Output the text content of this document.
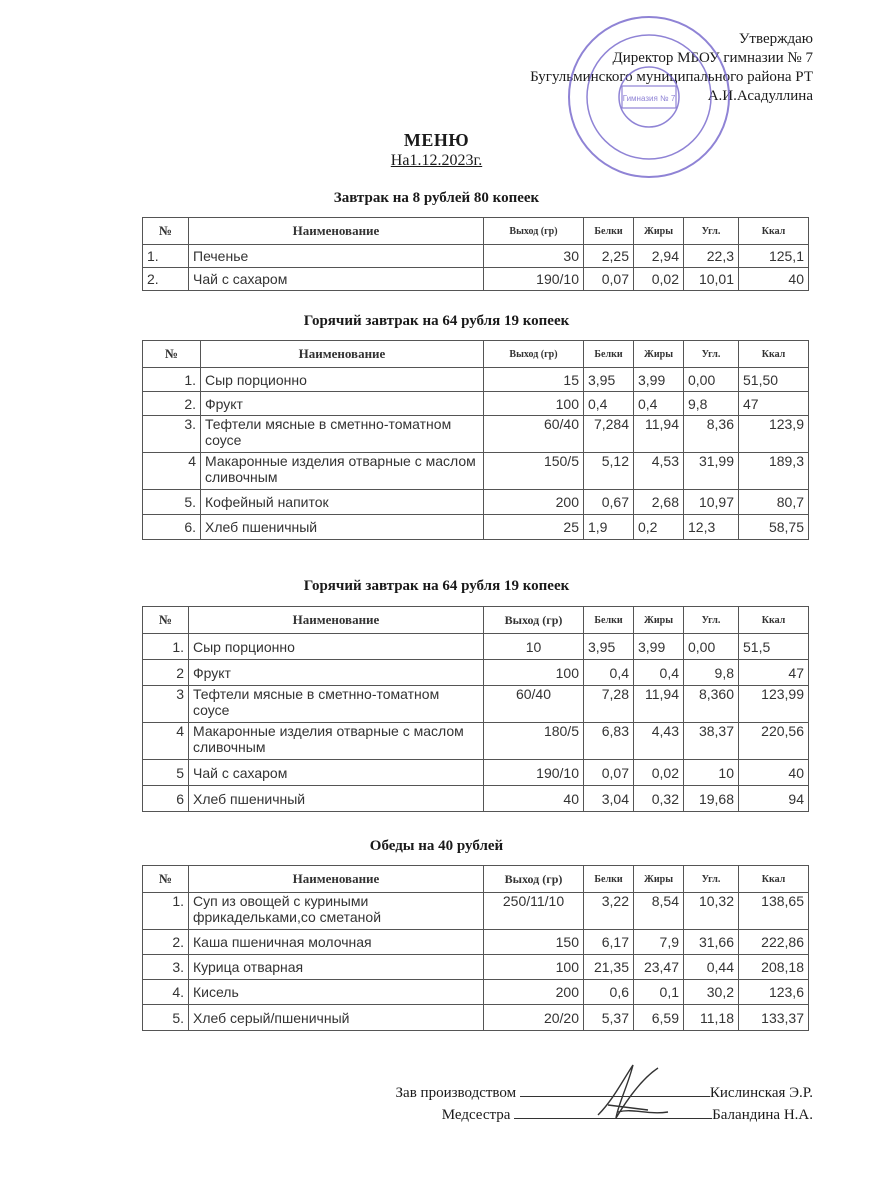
Утверждаю
Директор МБОУ гимназии № 7
Бугульминского муниципального района РТ
А.И.Асадуллина
Гимназия № 7
МЕНЮ
На1.12.2023г.
Завтрак на 8 рублей 80 копеек
№	Наименование	Выход (гр)	Белки	Жиры	Угл.	Ккал
1.	Печенье	30	2,25	2,94	22,3	125,1
2.	Чай с сахаром	190/10	0,07	0,02	10,01	40
Горячий завтрак на 64 рубля 19 копеек
№	Наименование	Выход (гр)	Белки	Жиры	Угл.	Ккал
1.	Сыр порционно	15	3,95	3,99	0,00	51,50
2.	Фрукт	100	0,4	0,4	9,8	47
3.	Тефтели мясные в сметнно-томатном соусе	60/40	7,284	11,94	8,36	123,9
4	Макаронные изделия отварные с маслом сливочным	150/5	5,12	4,53	31,99	189,3
5.	Кофейный напиток	200	0,67	2,68	10,97	80,7
6.	Хлеб пшеничный	25	1,9	0,2	12,3	58,75
Горячий завтрак на 64 рубля 19 копеек
№	Наименование	Выход (гр)	Белки	Жиры	Угл.	Ккал
1.	Сыр порционно	10	3,95	3,99	0,00	51,5
2	Фрукт	100	0,4	0,4	9,8	47
3	Тефтели мясные в сметнно-томатном соусе	60/40	7,28	11,94	8,360	123,99
4	Макаронные изделия отварные с маслом сливочным	180/5	6,83	4,43	38,37	220,56
5	Чай с сахаром	190/10	0,07	0,02	10	40
6	Хлеб пшеничный	40	3,04	0,32	19,68	94
Обеды на 40 рублей
№	Наименование	Выход (гр)	Белки	Жиры	Угл.	Ккал
1.	Суп из овощей с куриными фрикадельками,со сметаной	250/11/10	3,22	8,54	10,32	138,65
2.	Каша пшеничная молочная	150	6,17	7,9	31,66	222,86
3.	Курица отварная	100	21,35	23,47	0,44	208,18
4.	Кисель	200	0,6	0,1	30,2	123,6
5.	Хлеб серый/пшеничный	20/20	5,37	6,59	11,18	133,37
Зав производством	Кислинская Э.Р.
Медсестра	Баландина Н.А.
